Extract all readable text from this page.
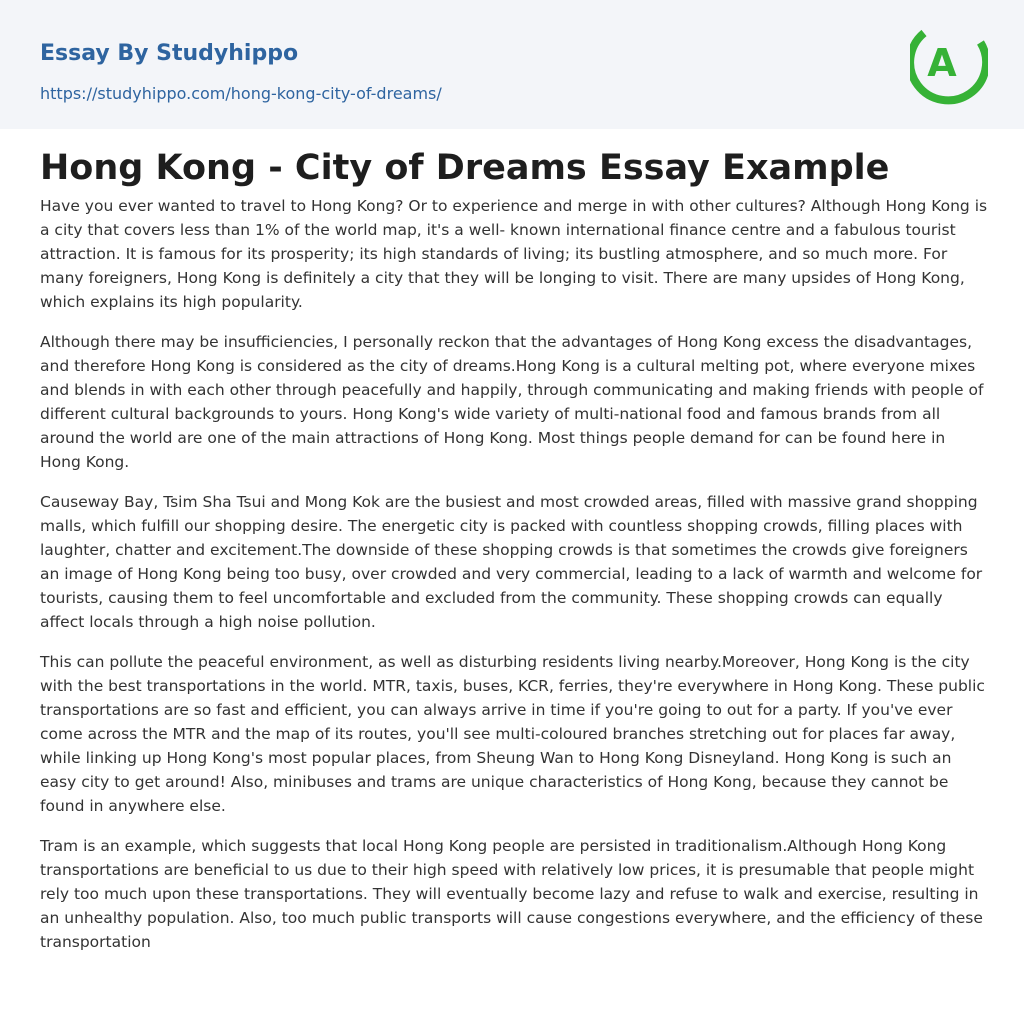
Essay By Studyhippo
https://studyhippo.com/hong-kong-city-of-dreams/
A
Hong Kong - City of Dreams Essay Example

Have you ever wanted to travel to Hong Kong? Or to experience and merge in with other cultures? Although Hong Kong is a city that covers less than 1% of the world map, it's a well- known international finance centre and a fabulous tourist attraction. It is famous for its prosperity; its high standards of living; its bustling atmosphere, and so much more. For many foreigners, Hong Kong is definitely a city that they will be longing to visit. There are many upsides of Hong Kong, which explains its high popularity.

Although there may be insufficiencies, I personally reckon that the advantages of Hong Kong excess the disadvantages, and therefore Hong Kong is considered as the city of dreams.Hong Kong is a cultural melting pot, where everyone mixes and blends in with each other through peacefully and happily, through communicating and making friends with people of different cultural backgrounds to yours. Hong Kong's wide variety of multi-national food and famous brands from all around the world are one of the main attractions of Hong Kong. Most things people demand for can be found here in Hong Kong.

Causeway Bay, Tsim Sha Tsui and Mong Kok are the busiest and most crowded areas, filled with massive grand shopping malls, which fulfill our shopping desire. The energetic city is packed with countless shopping crowds, filling places with laughter, chatter and excitement.The downside of these shopping crowds is that sometimes the crowds give foreigners an image of Hong Kong being too busy, over crowded and very commercial, leading to a lack of warmth and welcome for tourists, causing them to feel uncomfortable and excluded from the community. These shopping crowds can equally affect locals through a high noise pollution.

This can pollute the peaceful environment, as well as disturbing residents living nearby.Moreover, Hong Kong is the city with the best transportations in the world. MTR, taxis, buses, KCR, ferries, they're everywhere in Hong Kong. These public transportations are so fast and efficient, you can always arrive in time if you're going to out for a party. If you've ever come across the MTR and the map of its routes, you'll see multi-coloured branches stretching out for places far away, while linking up Hong Kong's most popular places, from Sheung Wan to Hong Kong Disneyland. Hong Kong is such an easy city to get around! Also, minibuses and trams are unique characteristics of Hong Kong, because they cannot be found in anywhere else.

Tram is an example, which suggests that local Hong Kong people are persisted in traditionalism.Although Hong Kong transportations are beneficial to us due to their high speed with relatively low prices, it is presumable that people might rely too much upon these transportations. They will eventually become lazy and refuse to walk and exercise, resulting in an unhealthy population. Also, too much public transports will cause congestions everywhere, and the efficiency of these transportation
